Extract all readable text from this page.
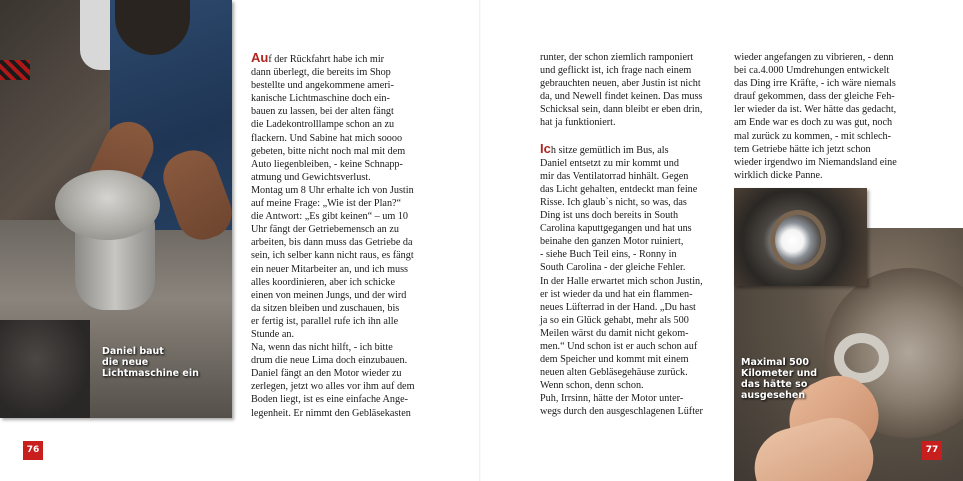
Daniel baut
die neue
Lichtmaschine ein
76

Auf der Rückfahrt habe ich mir

dann überlegt, die bereits im Shop

bestellte und angekommene ameri-

kanische Lichtmaschine doch ein-

bauen zu lassen, bei der alten fängt

die Ladekontrolllampe schon an zu

flackern. Und Sabine hat mich soooo

gebeten, bitte nicht noch mal mit dem

Auto liegenbleiben, - keine Schnapp-

atmung und Gewichtsverlust.

Montag um 8 Uhr erhalte ich von Justin

auf meine Frage: „Wie ist der Plan?“

die Antwort: „Es gibt keinen“ – um 10

Uhr fängt der Getriebemensch an zu

arbeiten, bis dann muss das Getriebe da

sein, ich selber kann nicht raus, es fängt

ein neuer Mitarbeiter an, und ich muss

alles koordinieren, aber ich schicke

einen von meinen Jungs, und der wird

da sitzen bleiben und zuschauen, bis

er fertig ist, parallel rufe ich ihn alle

Stunde an.

Na, wenn das nicht hilft, - ich bitte

drum die neue Lima doch einzubauen.

Daniel fängt an den Motor wieder zu

zerlegen, jetzt wo alles vor ihm auf dem

Boden liegt, ist es eine einfache Ange-

legenheit. Er nimmt den Gebläsekasten

runter, der schon ziemlich ramponiert

und geflickt ist, ich frage nach einem

gebrauchten neuen, aber Justin ist nicht

da, und Newell findet keinen. Das muss

Schicksal sein, dann bleibt er eben drin,

hat ja funktioniert.

Ich sitze gemütlich im Bus, als

Daniel entsetzt zu mir kommt und

mir das Ventilatorrad hinhält. Gegen

das Licht gehalten, entdeckt man feine

Risse. Ich glaub`s nicht, so was, das

Ding ist uns doch bereits in South

Carolina kaputtgegangen und hat uns

beinahe den ganzen Motor ruiniert,

- siehe Buch Teil eins, - Ronny in

South Carolina - der gleiche Fehler.

In der Halle erwartet mich schon Justin,

er ist wieder da und hat ein flammen-

neues Lüfterrad in der Hand. „Du hast

ja so ein Glück gehabt, mehr als 500

Meilen wärst du damit nicht gekom-

men.“ Und schon ist er auch schon auf

dem Speicher und kommt mit einem

neuen alten Gebläsegehäuse zurück.

Wenn schon, denn schon.

Puh, Irrsinn, hätte der Motor unter-

wegs durch den ausgeschlagenen Lüfter

wieder angefangen zu vibrieren, - denn

bei ca.4.000 Umdrehungen entwickelt

das Ding irre Kräfte, - ich wäre niemals

drauf gekommen, dass der gleiche Feh-

ler wieder da ist. Wer hätte das gedacht,

am Ende war es doch zu was gut, noch

mal zurück zu kommen, - mit schlech-

tem Getriebe hätte ich jetzt schon

wieder irgendwo im Niemandsland eine

wirklich dicke Panne.

Maximal 500
Kilometer und
das hätte so
ausgesehen
77
